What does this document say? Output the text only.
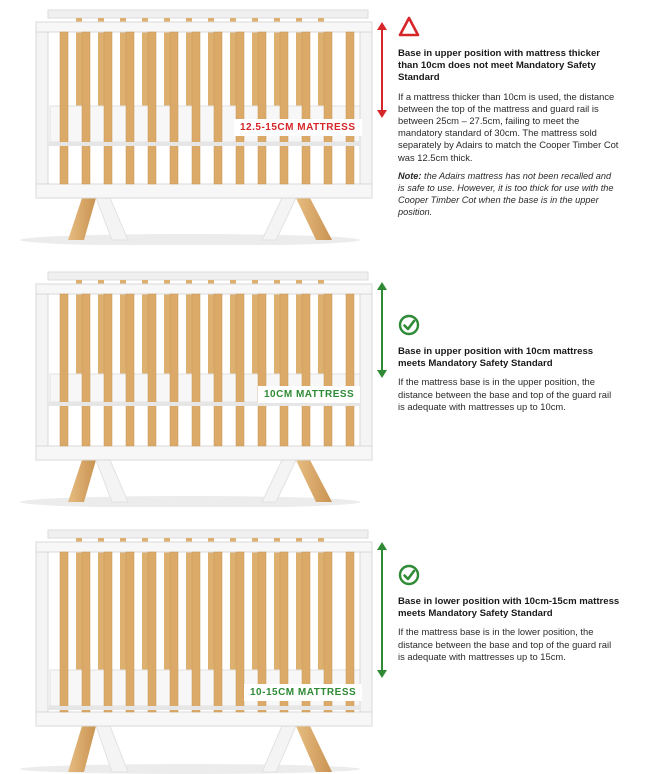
12.5-15CM MATTRESS

Base in upper position with mattress thicker than 10cm does not meet Mandatory Safety Standard

If a mattress thicker than 10cm is used, the distance between the top of the mattress and guard rail is between 25cm – 27.5cm, failing to meet the mandatory standard of 30cm. The mattress sold separately by Adairs to match the Cooper Timber Cot was 12.5cm thick.

Note: the Adairs mattress has not been recalled and is safe to use. However, it is too thick for use with the Cooper Timber Cot when the base is in the upper position.

10CM MATTRESS

Base in upper position with 10cm mattress meets Mandatory Safety Standard

If the mattress base is in the upper position, the distance between the base and top of the guard rail is adequate with mattresses up to 10cm.

10-15CM MATTRESS

Base in lower position with 10cm-15cm mattress meets Mandatory Safety Standard

If the mattress base is in the lower position, the distance between the base and top of the guard rail is adequate with mattresses up to 15cm.
